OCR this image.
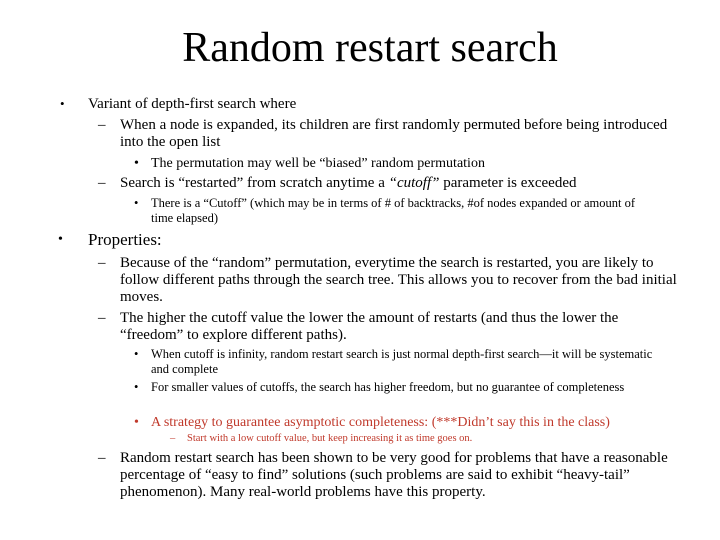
Random restart search
• Variant of depth-first search where
– When a node is expanded, its children are first randomly permuted before being introduced into the open list
• The permutation may well be “biased” random permutation
– Search is “restarted” from scratch anytime a “cutoff” parameter is exceeded
• There is a “Cutoff” (which may be in terms of # of backtracks, #of nodes expanded or amount of time elapsed)
• Properties:
– Because of the “random” permutation, everytime the search is restarted, you are likely to follow different paths through the search tree. This allows you to recover from the bad initial moves.
– The higher the cutoff value the lower the amount of restarts (and thus the lower the “freedom” to explore different paths).
• When cutoff is infinity, random restart search is just normal depth-first search—it will be systematic and complete
• For smaller values of cutoffs, the search has higher freedom, but no guarantee of completeness
• A strategy to guarantee asymptotic completeness: (***Didn’t say this in the class)
– Start with a low cutoff value, but keep increasing it as time goes on.
– Random restart search has been shown to be very good for problems that have a reasonable percentage of “easy to find” solutions (such problems are said to exhibit “heavy-tail” phenomenon). Many real-world problems have this property.
